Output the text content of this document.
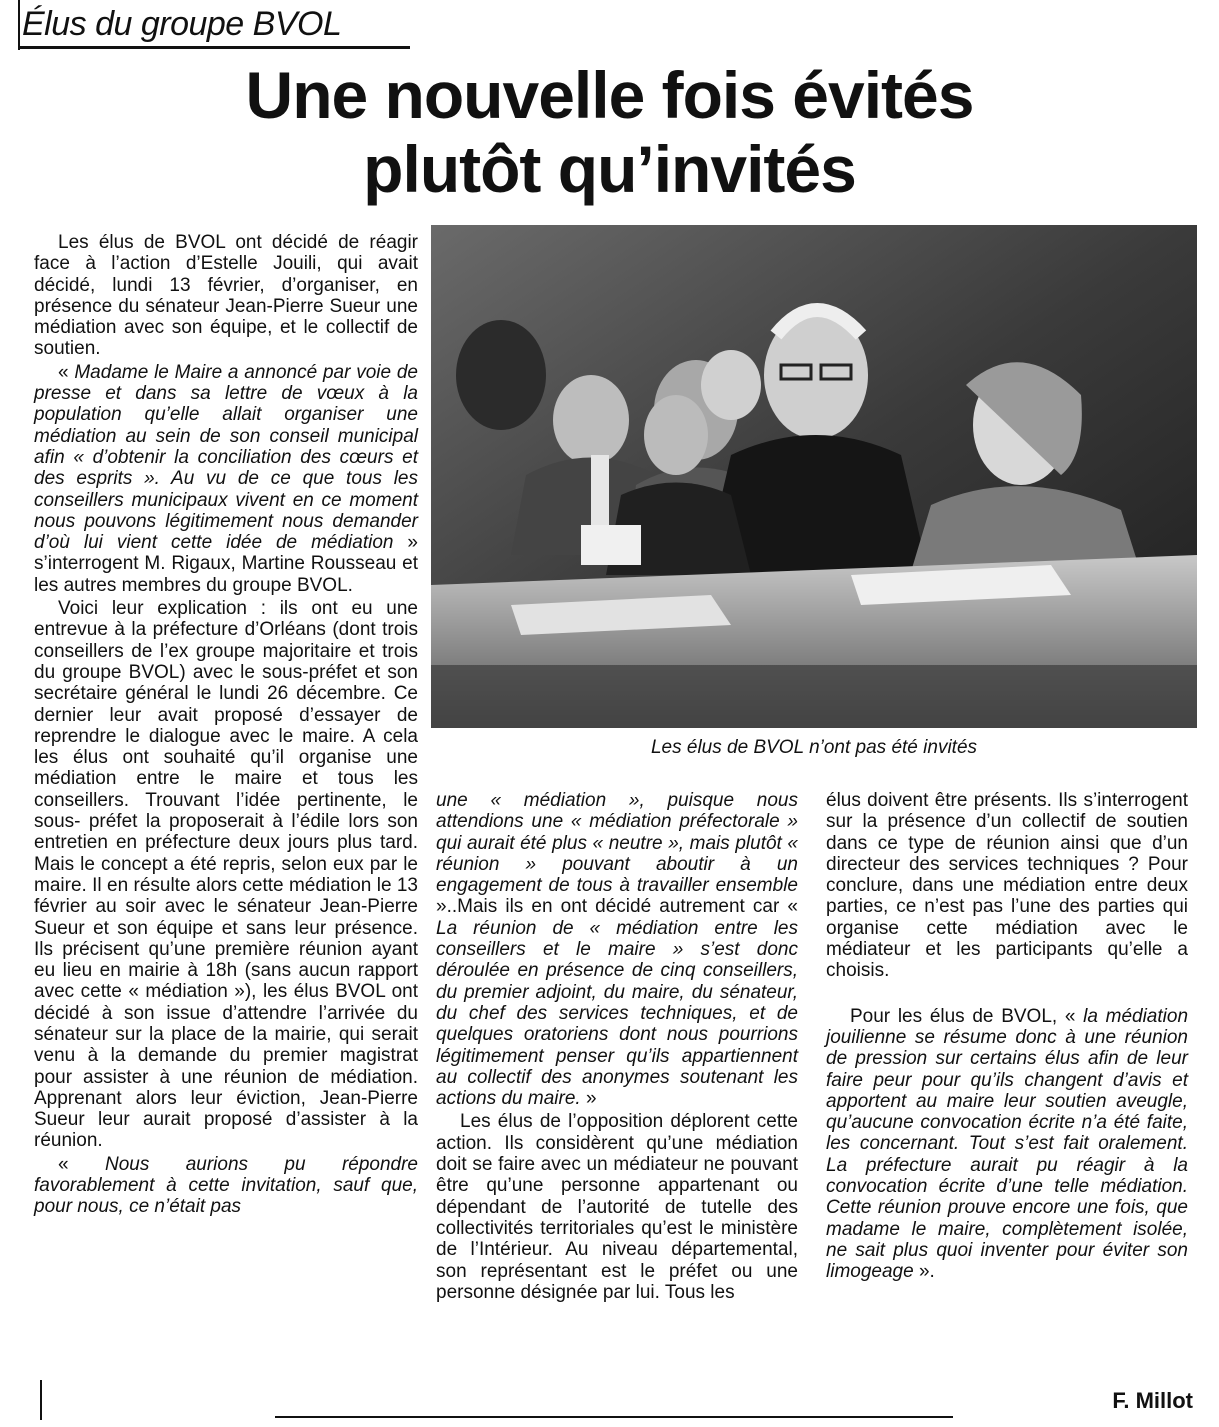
Élus du groupe BVOL
Une nouvelle fois évités
plutôt qu’invités

Les élus de BVOL ont décidé de réagir face à l’action d’Estelle Jouili, qui avait décidé, lundi 13 février, d’organiser, en présence du sénateur Jean-Pierre Sueur une médiation avec son équipe, et le collectif de soutien.

« Madame le Maire a annoncé par voie de presse et dans sa lettre de vœux à la population qu’elle allait organiser une médiation au sein de son conseil municipal afin « d’obtenir la conciliation des cœurs et des esprits ». Au vu de ce que tous les conseillers municipaux vivent en ce moment nous pouvons légitimement nous demander d’où lui vient cette idée de médiation » s’interrogent M. Rigaux, Martine Rousseau et les autres membres du groupe BVOL.

Voici leur explication : ils ont eu une entrevue à la préfecture d’Orléans (dont trois conseillers de l’ex groupe majoritaire et trois du groupe BVOL) avec le sous-préfet et son secrétaire général le lundi 26 décembre. Ce dernier leur avait proposé d’essayer de reprendre le dialogue avec le maire. A cela les élus ont souhaité qu’il organise une médiation entre le maire et tous les conseillers. Trouvant l’idée pertinente, le sous- préfet la proposerait à l’édile lors son entretien en préfecture deux jours plus tard. Mais le concept a été repris, selon eux par le maire. Il en résulte alors cette médiation le 13 février au soir avec le sénateur Jean-Pierre Sueur et son équipe et sans leur présence. Ils précisent qu’une première réunion ayant eu lieu en mairie à 18h (sans aucun rapport avec cette « médiation »), les élus BVOL ont décidé à son issue d’attendre l’arrivée du sénateur sur la place de la mairie, qui serait venu à la demande du premier magistrat pour assister à une réunion de médiation. Apprenant alors leur éviction, Jean-Pierre Sueur leur aurait proposé d’assister à la réunion.

« Nous aurions pu répondre favorablement à cette invitation, sauf que, pour nous, ce n’était pas

Les élus de BVOL n’ont pas été invités

une « médiation », puisque nous attendions une « médiation préfectorale » qui aurait été plus « neutre », mais plutôt « réunion » pouvant aboutir à un engagement de tous à travailler ensemble »..Mais ils en ont décidé autrement car « La réunion de « médiation entre les conseillers et le maire » s’est donc déroulée en présence de cinq conseillers, du premier adjoint, du maire, du sénateur, du chef des services techniques, et de quelques oratoriens dont nous pourrions légitimement penser qu’ils appartiennent au collectif des anonymes soutenant les actions du maire. »

Les élus de l’opposition déplorent cette action. Ils considèrent qu’une médiation doit se faire avec un médiateur ne pouvant être qu’une personne appartenant ou dépendant de l’autorité de tutelle des collectivités territoriales qu’est le ministère de l’Intérieur. Au niveau départemental, son représentant est le préfet ou une personne désignée par lui. Tous les

élus doivent être présents. Ils s’interrogent sur la présence d’un collectif de soutien dans ce type de réunion ainsi que d’un directeur des services techniques ? Pour conclure, dans une médiation entre deux parties, ce n’est pas l’une des parties qui organise cette médiation avec le médiateur et les participants qu’elle a choisis.

Pour les élus de BVOL, « la médiation jouilienne se résume donc à une réunion de pression sur certains élus afin de leur faire peur pour qu’ils changent d’avis et apportent au maire leur soutien aveugle, qu’aucune convocation écrite n’a été faite, les concernant. Tout s’est fait oralement. La préfecture aurait pu réagir à la convocation écrite d’une telle médiation. Cette réunion prouve encore une fois, que madame le maire, complètement isolée, ne sait plus quoi inventer pour éviter son limogeage ».

F. Millot
